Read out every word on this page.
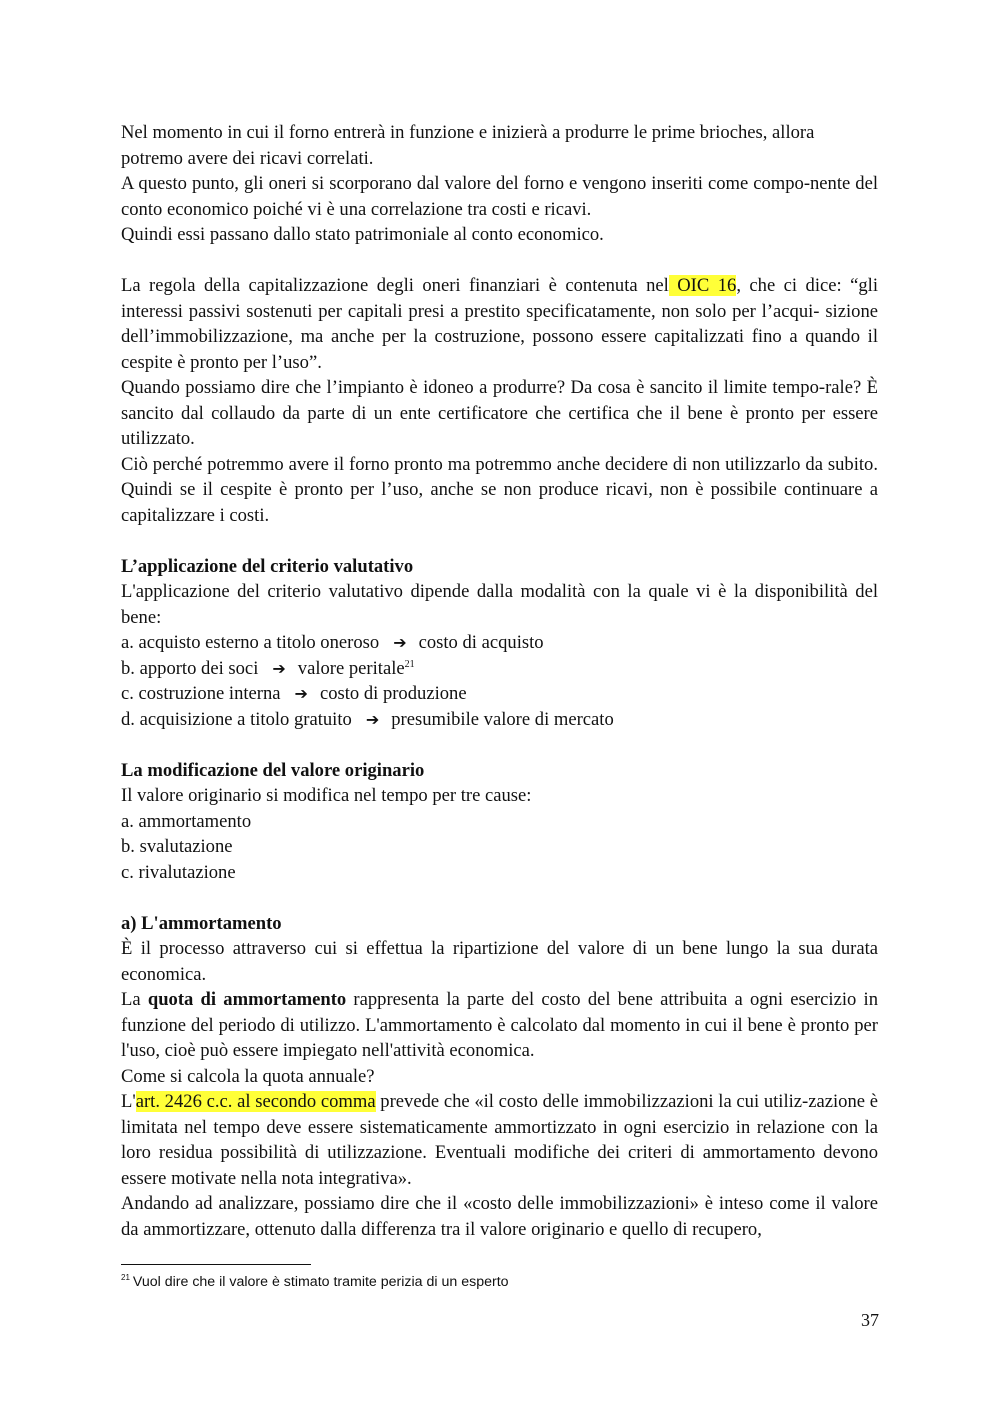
Nel momento in cui il forno entrerà in funzione e inizierà a produrre le prime brioches, allora potremo avere dei ricavi correlati.

A questo punto, gli oneri si scorporano dal valore del forno e vengono inseriti come compo-nente del conto economico poiché vi è una correlazione tra costi e ricavi.

Quindi essi passano dallo stato patrimoniale al conto economico.

La regola della capitalizzazione degli oneri finanziari è contenuta nel OIC 16, che ci dice: “gli interessi passivi sostenuti per capitali presi a prestito specificatamente, non solo per l’acqui- sizione dell’immobilizzazione, ma anche per la costruzione, possono essere capitalizzati fino a quando il cespite è pronto per l’uso”.

Quando possiamo dire che l’impianto è idoneo a produrre? Da cosa è sancito il limite tempo-rale? È sancito dal collaudo da parte di un ente certificatore che certifica che il bene è pronto per essere utilizzato.

Ciò perché potremmo avere il forno pronto ma potremmo anche decidere di non utilizzarlo da subito. Quindi se il cespite è pronto per l’uso, anche se non produce ricavi, non è possibile continuare a capitalizzare i costi.

L’applicazione del criterio valutativo

L'applicazione del criterio valutativo dipende dalla modalità con la quale vi è la disponibilità del bene:

a. acquisto esterno a titolo oneroso ➔ costo di acquisto

b. apporto dei soci ➔ valore peritale$^{21}$

c. costruzione interna ➔ costo di produzione

d. acquisizione a titolo gratuito ➔ presumibile valore di mercato

La modificazione del valore originario

Il valore originario si modifica nel tempo per tre cause:

a. ammortamento

b. svalutazione

c. rivalutazione

a) L'ammortamento

È il processo attraverso cui si effettua la ripartizione del valore di un bene lungo la sua durata economica.

La quota di ammortamento rappresenta la parte del costo del bene attribuita a ogni esercizio in funzione del periodo di utilizzo. L'ammortamento è calcolato dal momento in cui il bene è pronto per l'uso, cioè può essere impiegato nell'attività economica.

Come si calcola la quota annuale?

L'art. 2426 c.c. al secondo comma prevede che «il costo delle immobilizzazioni la cui utiliz-zazione è limitata nel tempo deve essere sistematicamente ammortizzato in ogni esercizio in relazione con la loro residua possibilità di utilizzazione. Eventuali modifiche dei criteri di ammortamento devono essere motivate nella nota integrativa».

Andando ad analizzare, possiamo dire che il «costo delle immobilizzazioni» è inteso come il valore da ammortizzare, ottenuto dalla differenza tra il valore originario e quello di recupero,

$^{21}$ Vuol dire che il valore è stimato tramite perizia di un esperto
37
